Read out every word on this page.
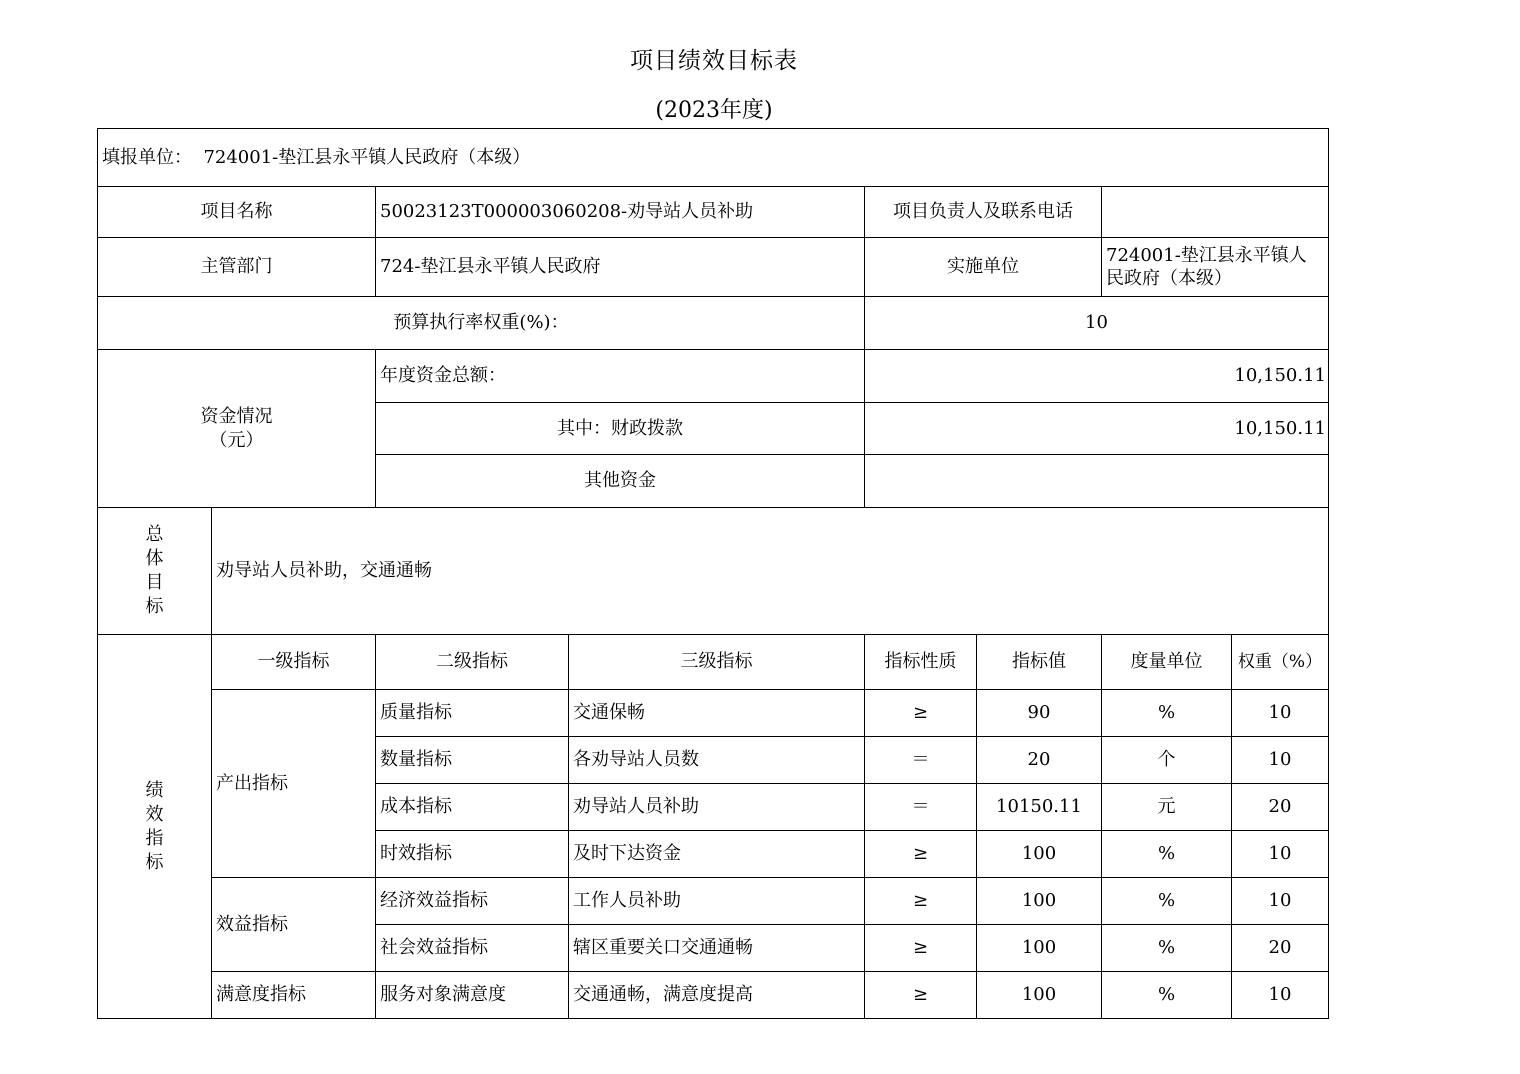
项目绩效目标表
(2023年度)
填报单位： 724001-垫江县永平镇人民政府（本级）							
项目名称		50023123T000003060208-劝导站人员补助		项目负责人及联系电话			
主管部门		724-垫江县永平镇人民政府		实施单位		724001-垫江县永平镇人民政府（本级）	
预算执行率权重(%)：				10			

资金情况
（元）		年度资金总额：		10,150.11			
		其中：财政拨款		10,150.11			
		其他资金					

总
体
目
标	劝导站人员补助，交通通畅						

绩
效
指
标	一级指标	二级指标	三级指标	指标性质	指标值	度量单位	权重（%）
	产出指标	质量指标	交通保畅	≥	90	%	10
		数量指标	各劝导站人员数	＝	20	个	10
		成本指标	劝导站人员补助	＝	10150.11	元	20
		时效指标	及时下达资金	≥	100	%	10
	效益指标	经济效益指标	工作人员补助	≥	100	%	10
		社会效益指标	辖区重要关口交通通畅	≥	100	%	20
	满意度指标	服务对象满意度	交通通畅，满意度提高	≥	100	%	10
